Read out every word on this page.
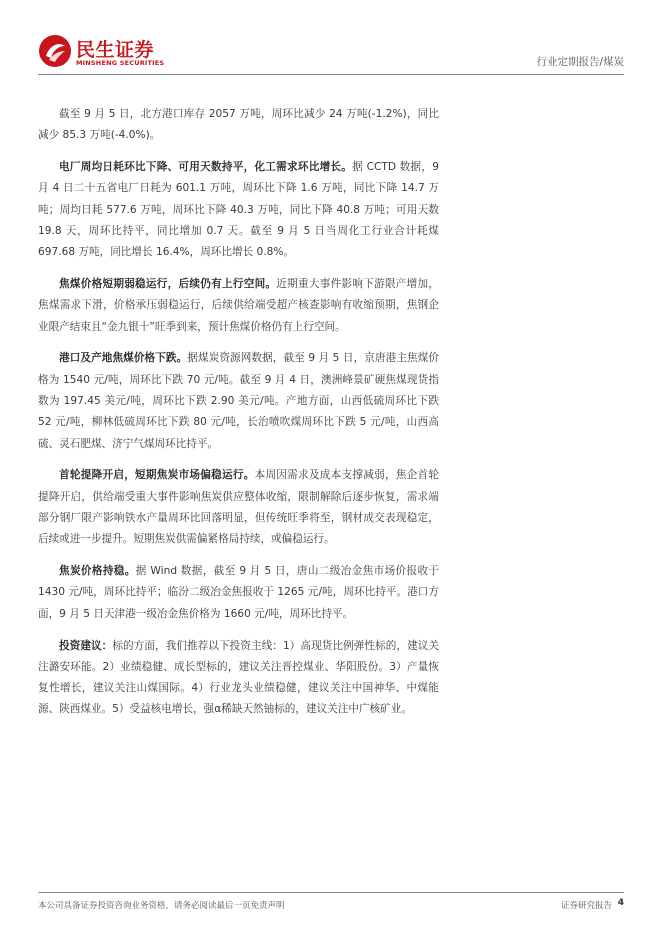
民生证券
MINSHENG SECURITIES	行业定期报告/煤炭

截至 9 月 5 日，北方港口库存 2057 万吨，周环比减少 24 万吨(-1.2%)，同比减少 85.3 万吨(-4.0%)。

电厂周均日耗环比下降、可用天数持平，化工需求环比增长。据 CCTD 数据，9 月 4 日二十五省电厂日耗为 601.1 万吨，周环比下降 1.6 万吨，同比下降 14.7 万吨；周均日耗 577.6 万吨，周环比下降 40.3 万吨，同比下降 40.8 万吨；可用天数 19.8 天，周环比持平，同比增加 0.7 天。截至 9 月 5 日当周化工行业合计耗煤 697.68 万吨，同比增长 16.4%，周环比增长 0.8%。

焦煤价格短期弱稳运行，后续仍有上行空间。近期重大事件影响下游限产增加，焦煤需求下滑，价格承压弱稳运行，后续供给端受超产核查影响有收缩预期，焦钢企业限产结束且“金九银十”旺季到来，预计焦煤价格仍有上行空间。

港口及产地焦煤价格下跌。据煤炭资源网数据，截至 9 月 5 日，京唐港主焦煤价格为 1540 元/吨，周环比下跌 70 元/吨。截至 9 月 4 日，澳洲峰景矿硬焦煤现货指数为 197.45 美元/吨，周环比下跌 2.90 美元/吨。产地方面，山西低硫周环比下跌 52 元/吨，柳林低硫周环比下跌 80 元/吨，长治喷吹煤周环比下跌 5 元/吨，山西高硫、灵石肥煤、济宁气煤周环比持平。

首轮提降开启，短期焦炭市场偏稳运行。本周因需求及成本支撑减弱，焦企首轮提降开启，供给端受重大事件影响焦炭供应整体收缩，限制解除后逐步恢复，需求端部分钢厂限产影响铁水产量周环比回落明显，但传统旺季将至，钢材成交表现稳定，后续或进一步提升。短期焦炭供需偏紧格局持续，或偏稳运行。

焦炭价格持稳。据 Wind 数据，截至 9 月 5 日，唐山二级冶金焦市场价报收于 1430 元/吨，周环比持平；临汾二级冶金焦报收于 1265 元/吨，周环比持平。港口方面，9 月 5 日天津港一级冶金焦价格为 1660 元/吨，周环比持平。

投资建议：标的方面，我们推荐以下投资主线：1）高现货比例弹性标的，建议关注潞安环能。2）业绩稳健、成长型标的，建议关注晋控煤业、华阳股份。3）产量恢复性增长，建议关注山煤国际。4）行业龙头业绩稳健，建议关注中国神华、中煤能源、陕西煤业。5）受益核电增长，强α稀缺天然铀标的，建议关注中广核矿业。

本公司具备证券投资咨询业务资格，请务必阅读最后一页免责声明	证券研究报告 4
